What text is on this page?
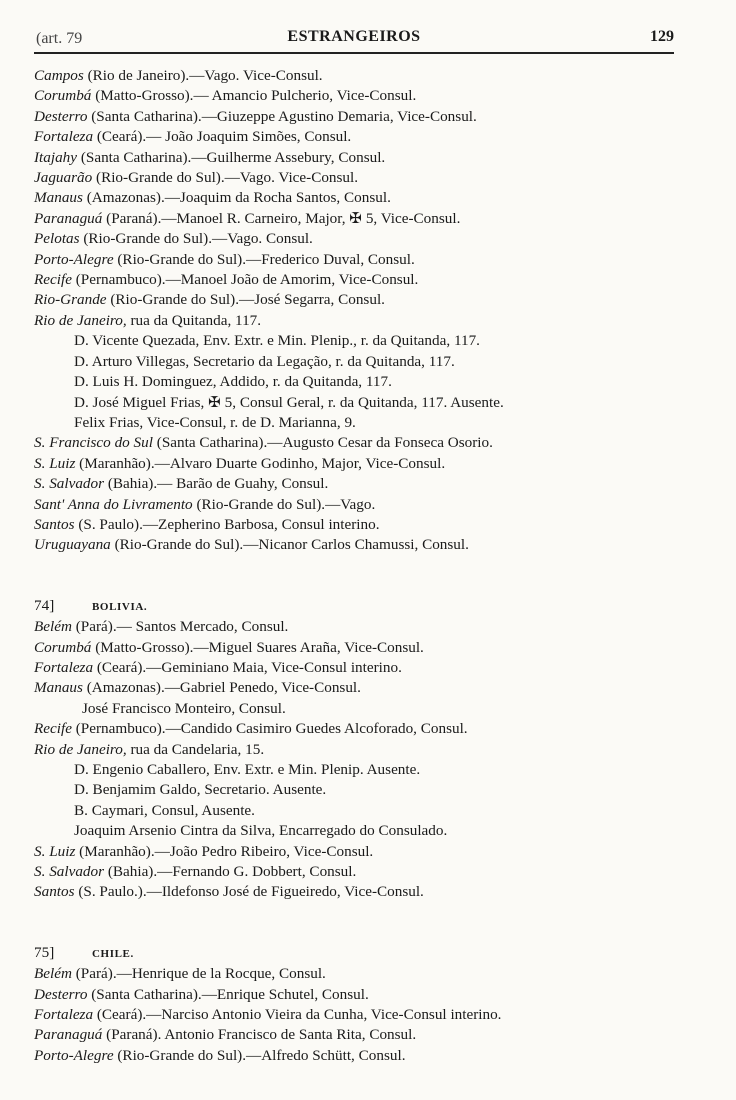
(art. 79	ESTRANGEIROS	129
Campos (Rio de Janeiro).—Vago. Vice-Consul.
Corumbá (Matto-Grosso).— Amancio Pulcherio, Vice-Consul.
Desterro (Santa Catharina).—Giuzeppe Agustino Demaria, Vice-Consul.
Fortaleza (Ceará).— João Joaquim Simões, Consul.
Itajahy (Santa Catharina).—Guilherme Assebury, Consul.
Jaguarão (Rio-Grande do Sul).—Vago. Vice-Consul.
Manaus (Amazonas).—Joaquim da Rocha Santos, Consul.
Paranaguá (Paraná).—Manoel R. Carneiro, Major, ✠ 5, Vice-Consul.
Pelotas (Rio-Grande do Sul).—Vago. Consul.
Porto-Alegre (Rio-Grande do Sul).—Frederico Duval, Consul.
Recife (Pernambuco).—Manoel João de Amorim, Vice-Consul.
Rio-Grande (Rio-Grande do Sul).—José Segarra, Consul.
Rio de Janeiro, rua da Quitanda, 117.
D. Vicente Quezada, Env. Extr. e Min. Plenip., r. da Quitanda, 117.
D. Arturo Villegas, Secretario da Legação, r. da Quitanda, 117.
D. Luis H. Dominguez, Addido, r. da Quitanda, 117.
D. José Miguel Frias, ✠ 5, Consul Geral, r. da Quitanda, 117. Ausente.
Felix Frias, Vice-Consul, r. de D. Marianna, 9.
S. Francisco do Sul (Santa Catharina).—Augusto Cesar da Fonseca Osorio.
S. Luiz (Maranhão).—Alvaro Duarte Godinho, Major, Vice-Consul.
S. Salvador (Bahia).— Barão de Guahy, Consul.
Sant' Anna do Livramento (Rio-Grande do Sul).—Vago.
Santos (S. Paulo).—Zepherino Barbosa, Consul interino.
Uruguayana (Rio-Grande do Sul).—Nicanor Carlos Chamussi, Consul.
74]	BOLIVIA.
Belém (Pará).— Santos Mercado, Consul.
Corumbá (Matto-Grosso).—Miguel Suares Araña, Vice-Consul.
Fortaleza (Ceará).—Geminiano Maia, Vice-Consul interino.
Manaus (Amazonas).—Gabriel Penedo, Vice-Consul.
José Francisco Monteiro, Consul.
Recife (Pernambuco).—Candido Casimiro Guedes Alcoforado, Consul.
Rio de Janeiro, rua da Candelaria, 15.
D. Engenio Caballero, Env. Extr. e Min. Plenip. Ausente.
D. Benjamim Galdo, Secretario. Ausente.
B. Caymari, Consul, Ausente.
Joaquim Arsenio Cintra da Silva, Encarregado do Consulado.
S. Luiz (Maranhão).—João Pedro Ribeiro, Vice-Consul.
S. Salvador (Bahia).—Fernando G. Dobbert, Consul.
Santos (S. Paulo.).—Ildefonso José de Figueiredo, Vice-Consul.
75]	CHILE.
Belém (Pará).—Henrique de la Rocque, Consul.
Desterro (Santa Catharina).—Enrique Schutel, Consul.
Fortaleza (Ceará).—Narciso Antonio Vieira da Cunha, Vice-Consul interino.
Paranaguá (Paraná). Antonio Francisco de Santa Rita, Consul.
Porto-Alegre (Rio-Grande do Sul).—Alfredo Schütt, Consul.
